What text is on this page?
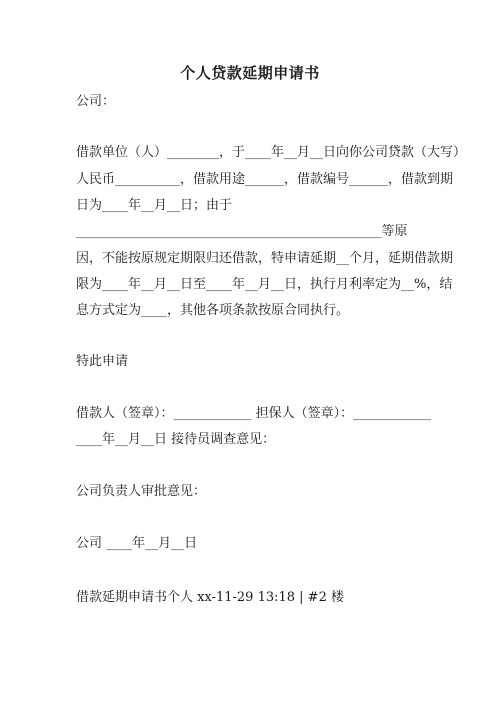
个人贷款延期申请书
公司：
借款单位（人）________，于____年__月__日向你公司贷款（大写）
人民币__________，借款用途______，借款编号______，借款到期
日为____年__月__日；由于
_______________________________________________等原
因，不能按原规定期限归还借款，特申请延期__个月，延期借款期
限为____年__月__日至____年__月__日，执行月利率定为__%，结
息方式定为____，其他各项条款按原合同执行。
特此申请
借款人（签章）：____________ 担保人（签章）：____________
____年__月__日 接待员调查意见：
公司负责人审批意见：
公司 ____年__月__日
借款延期申请书个人 xx-11-29 13:18 | #2 楼
